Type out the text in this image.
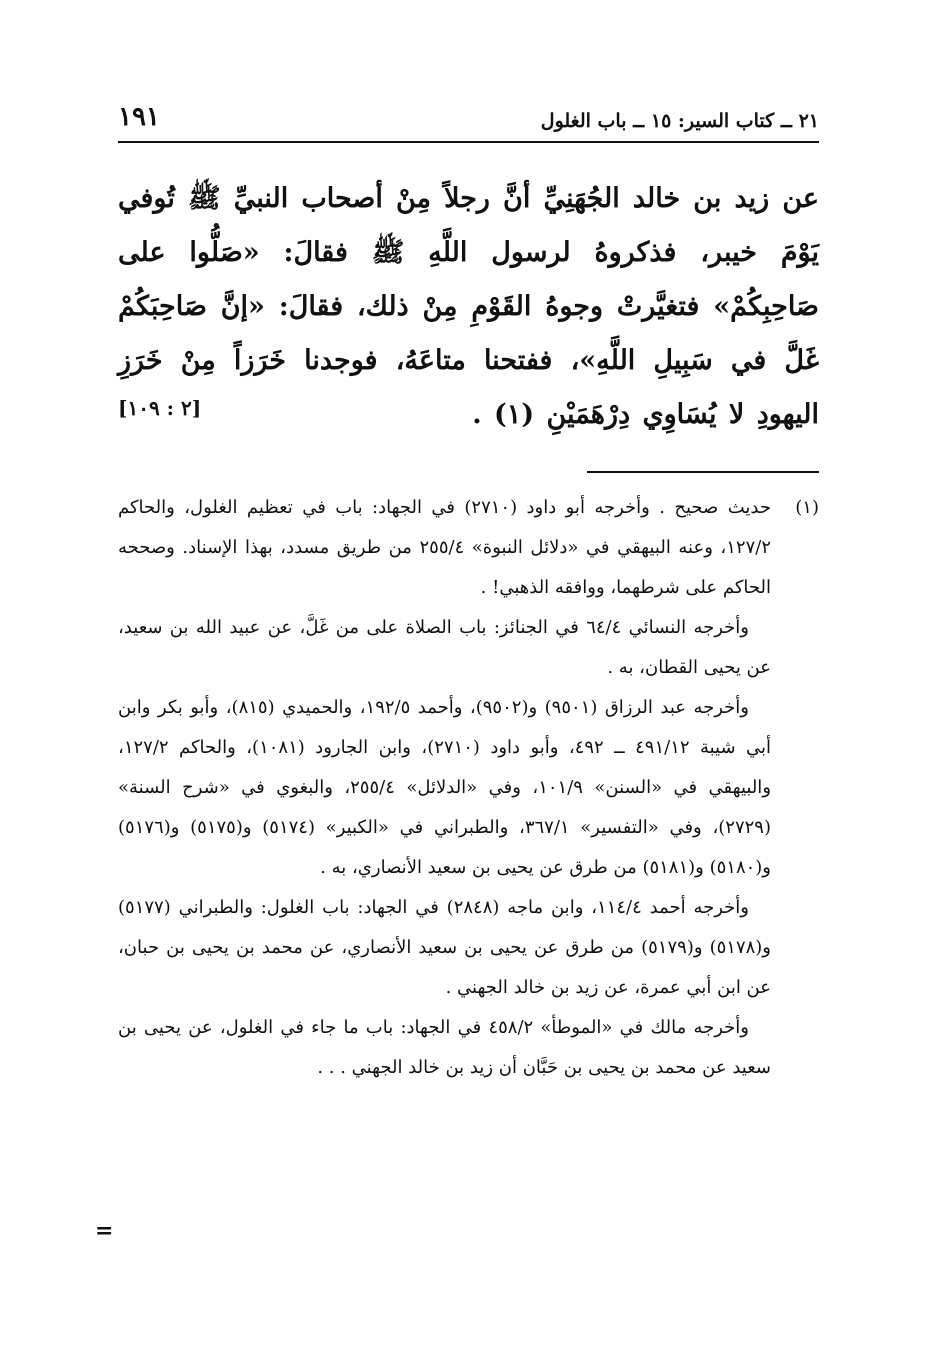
٢١ ــ كتاب السير: ١٥ ــ باب الغلول
١٩١
عن زيد بن خالد الجُهَنِيِّ أنَّ رجلاً مِنْ أصحاب النبيِّ ﷺ تُوفي يَوْمَ خيبر، فذكروهُ لرسول اللَّهِ ﷺ فقالَ: «صَلُّوا على صَاحِبِكُمْ» فتغيَّرتْ وجوهُ القَوْمِ مِنْ ذلك، فقالَ: «إنَّ صَاحِبَكُمْ غَلَّ في سَبِيلِ اللَّهِ»، ففتحنا متاعَهُ، فوجدنا خَرَزاً مِنْ خَرَزِ اليهودِ لا يُسَاوِي دِرْهَمَيْنِ (١) .
[٢ : ١٠٩]
(١)
حديث صحيح . وأخرجه أبو داود (٢٧١٠) في الجهاد: باب في تعظيم الغلول، والحاكم ١٢٧/٢، وعنه البيهقي في «دلائل النبوة» ٢٥٥/٤ من طريق مسدد، بهذا الإسناد. وصححه الحاكم على شرطهما، ووافقه الذهبي! .
وأخرجه النسائي ٦٤/٤ في الجنائز: باب الصلاة على من غَلَّ، عن عبيد الله بن سعيد، عن يحيى القطان، به .
وأخرجه عبد الرزاق (٩٥٠١) و(٩٥٠٢)، وأحمد ١٩٢/٥، والحميدي (٨١٥)، وأبو بكر وابن أبي شيبة ٤٩١/١٢ ــ ٤٩٢، وأبو داود (٢٧١٠)، وابن الجارود (١٠٨١)، والحاكم ١٢٧/٢، والبيهقي في «السنن» ١٠١/٩، وفي «الدلائل» ٢٥٥/٤، والبغوي في «شرح السنة» (٢٧٢٩)، وفي «التفسير» ٣٦٧/١، والطبراني في «الكبير» (٥١٧٤) و(٥١٧٥) و(٥١٧٦) و(٥١٨٠) و(٥١٨١) من طرق عن يحيى بن سعيد الأنصاري، به .
وأخرجه أحمد ١١٤/٤، وابن ماجه (٢٨٤٨) في الجهاد: باب الغلول: والطبراني (٥١٧٧) و(٥١٧٨) و(٥١٧٩) من طرق عن يحيى بن سعيد الأنصاري، عن محمد بن يحيى بن حبان، عن ابن أبي عمرة، عن زيد بن خالد الجهني .
وأخرجه مالك في «الموطأ» ٤٥٨/٢ في الجهاد: باب ما جاء في الغلول، عن يحيى بن سعيد عن محمد بن يحيى بن حَبَّان أن زيد بن خالد الجهني . . .
=
